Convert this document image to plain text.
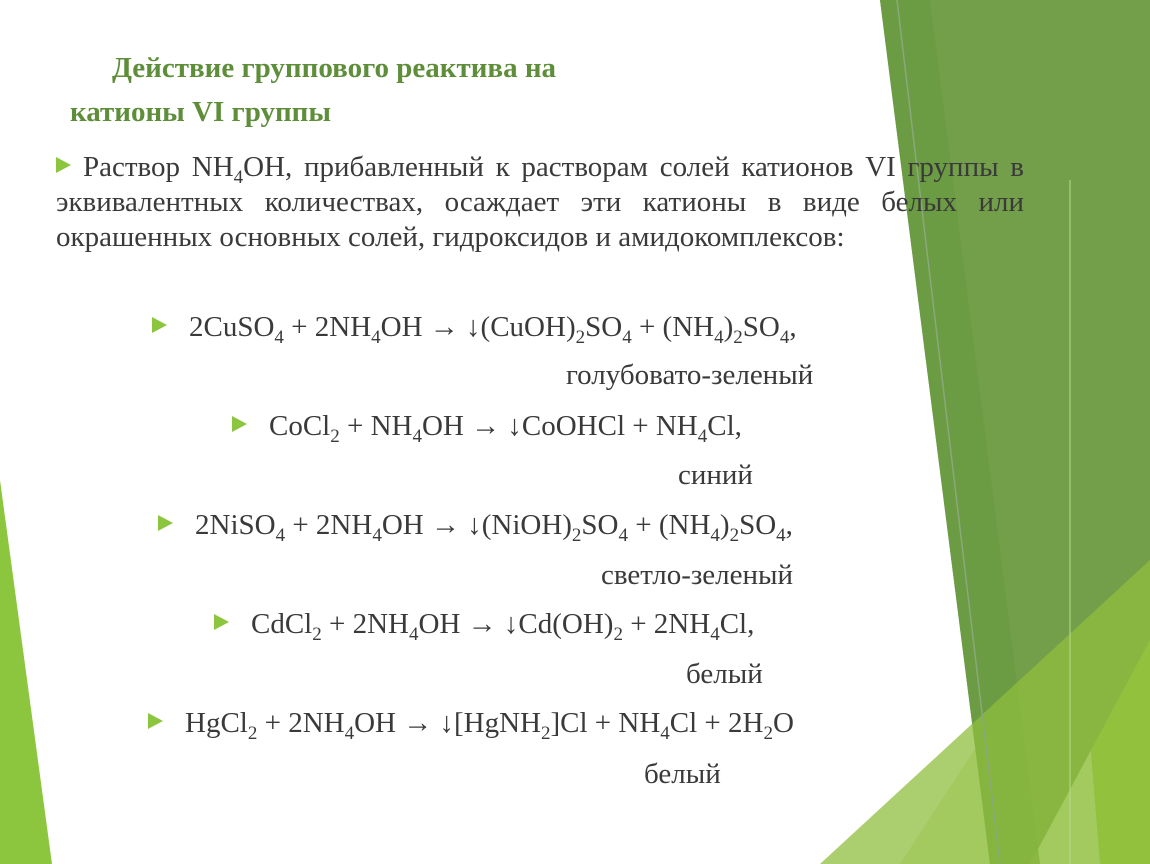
Действие группового реактива на
катионы VI группы

Раствор $NH_4OH$, прибавленный к растворам солей катионов VI группы в эквивалентных количествах, осаждает эти катионы в виде белых или окрашенных основных солей, гидроксидов и амидокомплексов:

2CuSO$_4$ + $2NH_4OH$ → $↓(CuOH)_2SO_4 + (NH_4)_2SO_4$,

голубовато-зеленый

CoCl$_2$ + $NH_4OH$ → ↓CoOHCl + $NH_4Cl$,

синий

2NiSO$_4$ + $2NH_4OH$ → $↓(NiOH)_2SO_4 + (NH_4)_2SO_4$,

светло-зеленый

CdCl$_2$ + $2NH_4OH$ → $↓Cd(OH)_2 + 2NH_4Cl$,

белый

HgCl$_2$ + $2NH_4OH$ → ↓[HgNH$_2$]Cl + $NH_4Cl + 2H_2O$

белый
